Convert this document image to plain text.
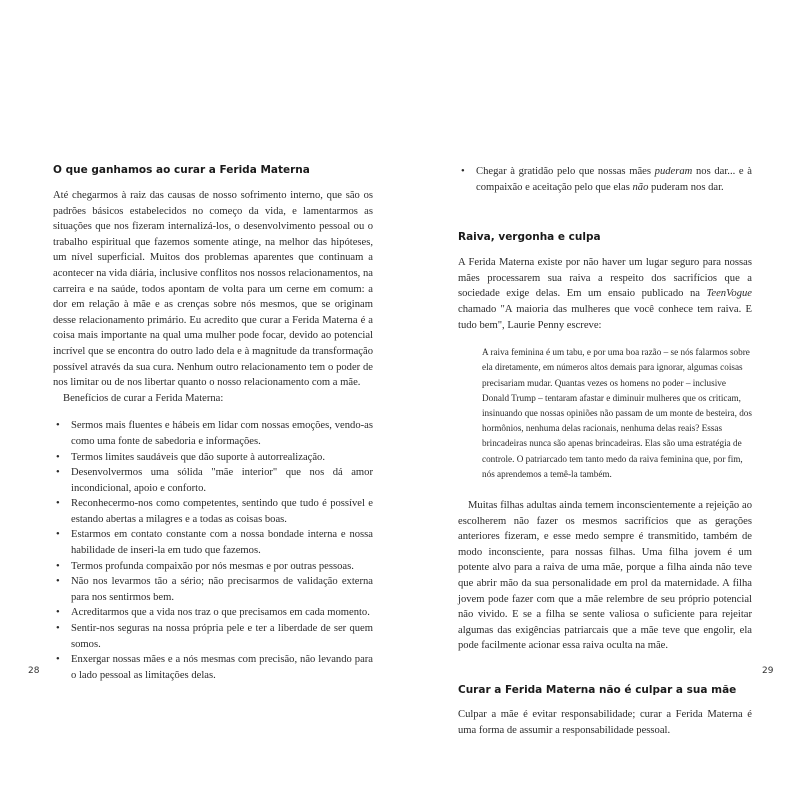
O que ganhamos ao curar a Ferida Materna

Até chegarmos à raiz das causas de nosso sofrimento interno, que são os padrões básicos estabelecidos no começo da vida, e lamentarmos as situações que nos fizeram internalizá-los, o desenvolvimento pessoal ou o trabalho espiritual que fazemos somente atinge, na melhor das hipóteses, um nível superficial. Muitos dos problemas aparentes que continuam a acontecer na vida diária, inclusive conflitos nos nossos relacionamentos, na carreira e na saúde, todos apontam de volta para um cerne em comum: a dor em relação à mãe e as crenças sobre nós mesmos, que se originam desse relacionamento primário. Eu acredito que curar a Ferida Materna é a coisa mais importante na qual uma mulher pode focar, devido ao potencial incrível que se encontra do outro lado dela e à magnitude da transformação possível através da sua cura. Nenhum outro relacionamento tem o poder de nos limitar ou de nos libertar quanto o nosso relacionamento com a mãe.

Benefícios de curar a Ferida Materna:

• Sermos mais fluentes e hábeis em lidar com nossas emoções, vendo-as como uma fonte de sabedoria e informações.
• Termos limites saudáveis que dão suporte à autorrealização.
• Desenvolvermos uma sólida "mãe interior" que nos dá amor incondicional, apoio e conforto.
• Reconhecermo-nos como competentes, sentindo que tudo é possível e estando abertas a milagres e a todas as coisas boas.
• Estarmos em contato constante com a nossa bondade interna e nossa habilidade de inseri-la em tudo que fazemos.
• Termos profunda compaixão por nós mesmas e por outras pessoas.
• Não nos levarmos tão a sério; não precisarmos de validação externa para nos sentirmos bem.
• Acreditarmos que a vida nos traz o que precisamos em cada momento.
• Sentir-nos seguras na nossa própria pele e ter a liberdade de ser quem somos.
• Enxergar nossas mães e a nós mesmas com precisão, não levando para o lado pessoal as limitações delas.
• Chegar à gratidão pelo que nossas mães puderam nos dar... e à compaixão e aceitação pelo que elas não puderam nos dar.
Raiva, vergonha e culpa

A Ferida Materna existe por não haver um lugar seguro para nossas mães processarem sua raiva a respeito dos sacrifícios que a sociedade exige delas. Em um ensaio publicado na TeenVogue chamado "A maioria das mulheres que você conhece tem raiva. E tudo bem", Laurie Penny escreve:

A raiva feminina é um tabu, e por uma boa razão – se nós falarmos sobre ela diretamente, em números altos demais para ignorar, algumas coisas precisariam mudar. Quantas vezes os homens no poder – inclusive Donald Trump – tentaram afastar e diminuir mulheres que os criticam, insinuando que nossas opiniões não passam de um monte de besteira, dos hormônios, nenhuma delas racionais, nenhuma delas reais? Essas brincadeiras nunca são apenas brincadeiras. Elas são uma estratégia de controle. O patriarcado tem tanto medo da raiva feminina que, por fim, nós aprendemos a temê-la também.

Muitas filhas adultas ainda temem inconscientemente a rejeição ao escolherem não fazer os mesmos sacrifícios que as gerações anteriores fizeram, e esse medo sempre é transmitido, também de modo inconsciente, para nossas filhas. Uma filha jovem é um potente alvo para a raiva de uma mãe, porque a filha ainda não teve que abrir mão da sua personalidade em prol da maternidade. A filha jovem pode fazer com que a mãe relembre de seu próprio potencial não vivido. E se a filha se sente valiosa o suficiente para rejeitar algumas das exigências patriarcais que a mãe teve que engolir, ela pode facilmente acionar essa raiva oculta na mãe.

Curar a Ferida Materna não é culpar a sua mãe

Culpar a mãe é evitar responsabilidade; curar a Ferida Materna é uma forma de assumir a responsabilidade pessoal.

28	29
